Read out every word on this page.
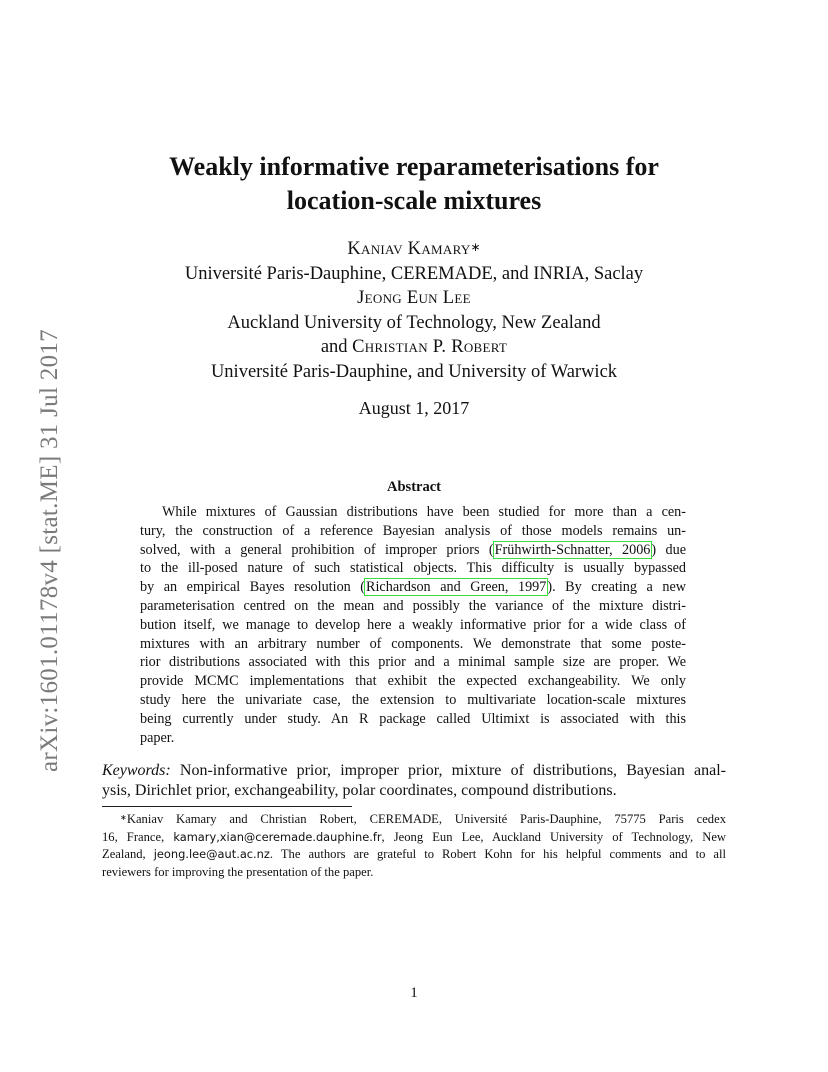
arXiv:1601.01178v4 [stat.ME] 31 Jul 2017
Weakly informative reparameterisations for
location-scale mixtures
Kaniav Kamary∗
Université Paris-Dauphine, CEREMADE, and INRIA, Saclay
Jeong Eun Lee
Auckland University of Technology, New Zealand
and Christian P. Robert
Université Paris-Dauphine, and University of Warwick
August 1, 2017
Abstract
While mixtures of Gaussian distributions have been studied for more than a cen-
tury, the construction of a reference Bayesian analysis of those models remains un-
solved, with a general prohibition of improper priors (Frühwirth-Schnatter, 2006) due
to the ill-posed nature of such statistical objects. This difficulty is usually bypassed
by an empirical Bayes resolution (Richardson and Green, 1997). By creating a new
parameterisation centred on the mean and possibly the variance of the mixture distri-
bution itself, we manage to develop here a weakly informative prior for a wide class of
mixtures with an arbitrary number of components. We demonstrate that some poste-
rior distributions associated with this prior and a minimal sample size are proper. We
provide MCMC implementations that exhibit the expected exchangeability. We only
study here the univariate case, the extension to multivariate location-scale mixtures
being currently under study. An R package called Ultimixt is associated with this
paper.
Keywords: Non-informative prior, improper prior, mixture of distributions, Bayesian anal-
ysis, Dirichlet prior, exchangeability, polar coordinates, compound distributions.
∗Kaniav Kamary and Christian Robert, CEREMADE, Université Paris-Dauphine, 75775 Paris cedex
16, France, kamary,xian@ceremade.dauphine.fr, Jeong Eun Lee, Auckland University of Technology, New
Zealand, jeong.lee@aut.ac.nz. The authors are grateful to Robert Kohn for his helpful comments and to all
reviewers for improving the presentation of the paper.
1
